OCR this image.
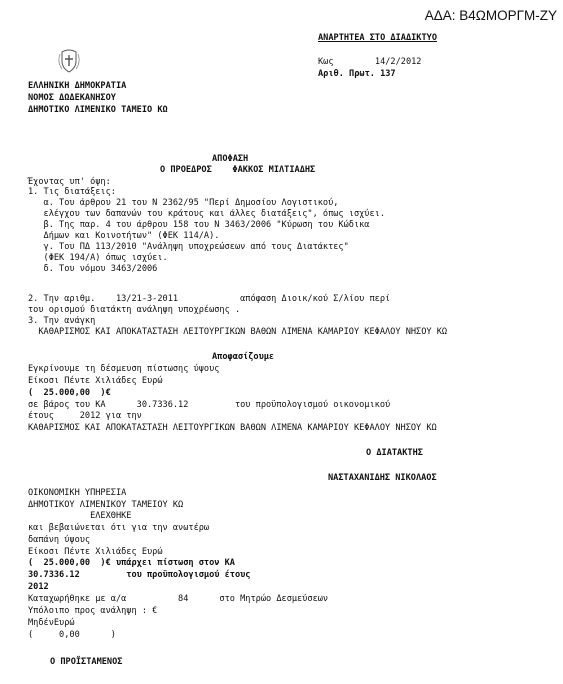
ΑΔΑ: Β4ΩΜΟΡΓΜ-ΖΥ
ΑΝΑΡΤΗΤΕΑ ΣΤΟ ΔΙΑΔΙΚΤΥΟ
Κως        14/2/2012
Αριθ. Πρωτ. 137
ΕΛΛΗΝΙΚΗ ΔΗΜΟΚΡΑΤΙΑ
ΝΟΜΟΣ ΔΩΔΕΚΑΝΗΣΟΥ
ΔΗΜΟΤΙΚΟ ΛΙΜΕΝΙΚΟ ΤΑΜΕΙΟ ΚΩ
ΑΠΟΦΑΣΗ
Ο ΠΡΟΕΔΡΟΣ    ΦΑΚΚΟΣ ΜΙΛΤΙΑΔΗΣ
Έχοντας υπ' όψη:
1. Τις διατάξεις:
α. Του άρθρου 21 του Ν 2362/95 "Περί Δημοσίου Λογιστικού,
ελέγχου των δαπανών του κράτους και άλλες διατάξεις", όπως ισχύει.
β. Της παρ. 4 του άρθρου 158 του Ν 3463/2006 "Κύρωση του Κώδικα
Δήμων και Κοινοτήτων" (ΦΕΚ 114/Α).
γ. Του ΠΔ 113/2010 "Ανάληψη υποχρεώσεων από τους Διατάκτες"
(ΦΕΚ 194/Α) όπως ισχύει.
δ. Του νόμου 3463/2006
2. Την αριθμ.    13/21-3-2011            απόφαση Διοικ/κού Σ/λίου περί
του ορισμού διατάκτη ανάληψη υποχρέωσης .
3. Την ανάγκη
ΚΑΘΑΡΙΣΜΟΣ ΚΑΙ ΑΠΟΚΑΤΑΣΤΑΣΗ ΛΕΙΤΟΥΡΓΙΚΩΝ ΒΑΘΩΝ ΛΙΜΕΝΑ ΚΑΜΑΡΙΟΥ ΚΕΦΑΛΟΥ ΝΗΣΟΥ ΚΩ
Αποφασίζουμε
Εγκρίνουμε τη δέσμευση πίστωσης ύψους
Είκοσι Πέντε Χιλιάδες Ευρώ
(  25.000,00  )€
σε βάρος του ΚΑ      30.7336.12         του προϋπολογισμού οικονομικού
έτους     2012 για την
ΚΑΘΑΡΙΣΜΟΣ ΚΑΙ ΑΠΟΚΑΤΑΣΤΑΣΗ ΛΕΙΤΟΥΡΓΙΚΩΝ ΒΑΘΩΝ ΛΙΜΕΝΑ ΚΑΜΑΡΙΟΥ ΚΕΦΑΛΟΥ ΝΗΣΟΥ ΚΩ
Ο ΔΙΑΤΑΚΤΗΣ
ΝΑΣΤΑΧΑΝΙΔΗΣ ΝΙΚΟΛΑΟΣ
ΟΙΚΟΝΟΜΙΚΗ ΥΠΗΡΕΣΙΑ
ΔΗΜΟΤΙΚΟΥ ΛΙΜΕΝΙΚΟΥ ΤΑΜΕΙΟΥ ΚΩ
ΕΛΕΧΘΗΚΕ
και βεβαιώνεται ότι για την ανωτέρω
δαπάνη ύψους
Είκοσι Πέντε Χιλιάδες Ευρώ
(  25.000,00  )€ υπάρχει πίστωση στον ΚΑ
30.7336.12         του προϋπολογισμού έτους
2012
Καταχωρήθηκε με α/α          84      στο Μητρώο Δεσμεύσεων
Υπόλοιπο προς ανάληψη : €
ΜηδένΕυρώ
(     0,00      )
Ο ΠΡΟΪΣΤΑΜΕΝΟΣ
